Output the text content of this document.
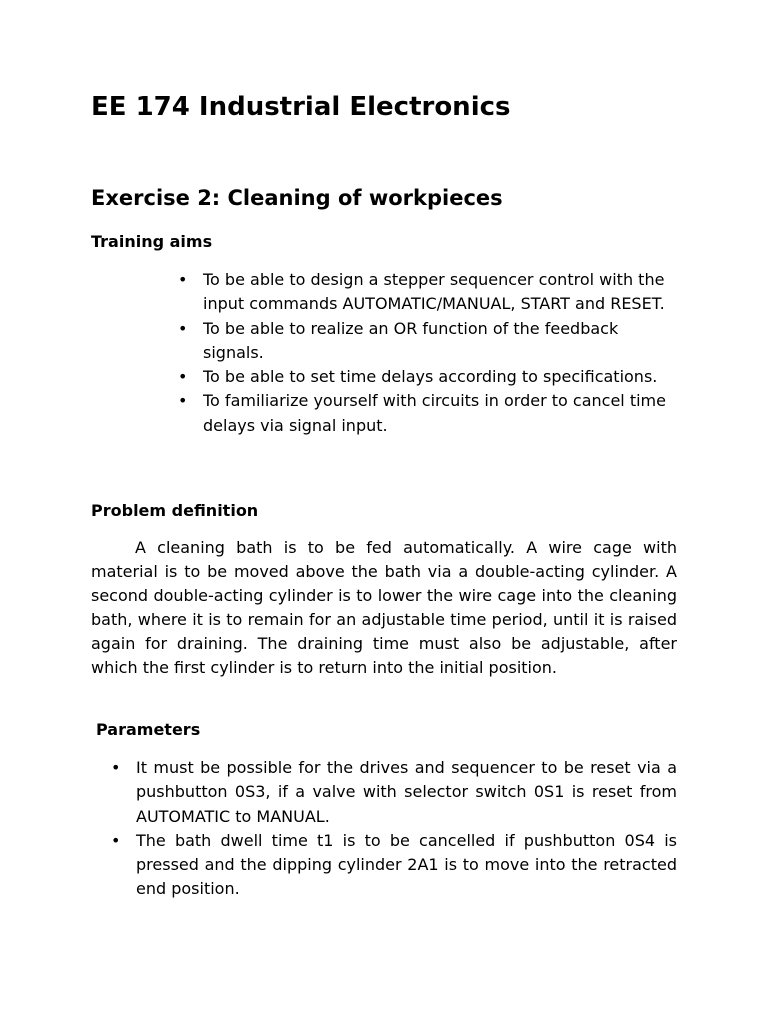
EE 174 Industrial Electronics
Exercise 2: Cleaning of workpieces
Training aims
• To be able to design a stepper sequencer control with the input commands AUTOMATIC/MANUAL, START and RESET.
• To be able to realize an OR function of the feedback signals.
• To be able to set time delays according to specifications.
• To familiarize yourself with circuits in order to cancel time delays via signal input.
Problem definition

A cleaning bath is to be fed automatically. A wire cage with material is to be moved above the bath via a double-acting cylinder. A second double-acting cylinder is to lower the wire cage into the cleaning bath, where it is to remain for an adjustable time period, until it is raised again for draining. The draining time must also be adjustable, after which the first cylinder is to return into the initial position.

Parameters
• It must be possible for the drives and sequencer to be reset via a pushbutton 0S3, if a valve with selector switch 0S1 is reset from AUTOMATIC to MANUAL.
• The bath dwell time t1 is to be cancelled if pushbutton 0S4 is pressed and the dipping cylinder 2A1 is to move into the retracted end position.
